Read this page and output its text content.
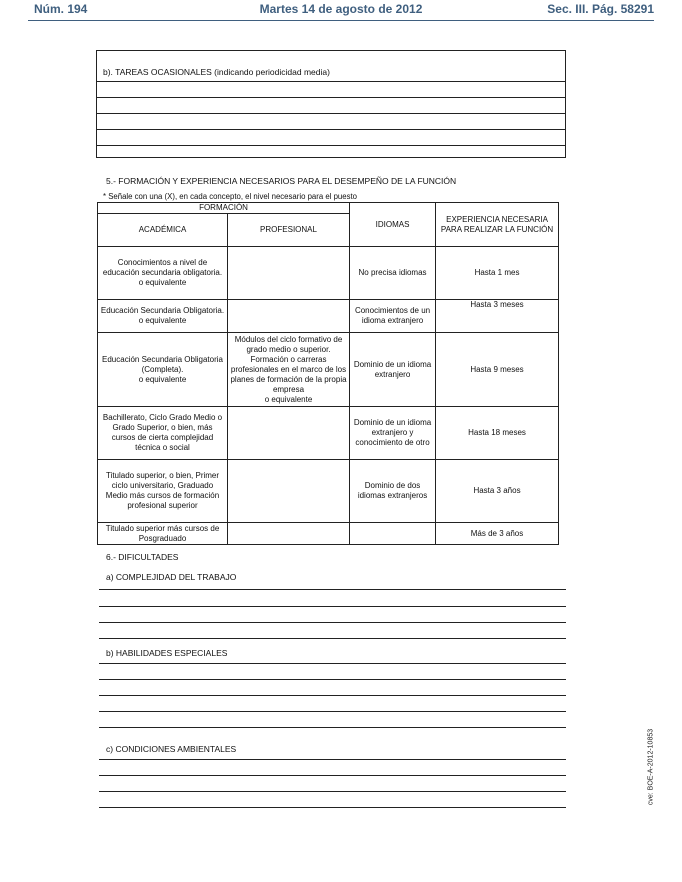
Núm. 194	Martes 14 de agosto de 2012	Sec. III. Pág. 58291
b). TAREAS OCASIONALES (indicando periodicidad media)
5.- FORMACIÓN Y EXPERIENCIA NECESARIOS PARA EL DESEMPEÑO DE LA FUNCIÓN
* Señale con una (X), en cada concepto, el nivel necesario para el puesto
FORMACIÓN		IDIOMAS	EXPERIENCIA NECESARIA PARA REALIZAR LA FUNCIÓN
ACADÉMICA	PROFESIONAL		
Conocimientos a nivel de educación secundaria obligatoria.
o equivalente		No precisa idiomas	Hasta 1 mes
Educación Secundaria Obligatoria.
o equivalente		Conocimientos de un idioma extranjero	Hasta 3 meses
Educación Secundaria Obligatoria (Completa).
o equivalente	Módulos del ciclo formativo de grado medio o superior. Formación o carreras profesionales en el marco de los planes de formación de la propia empresa
o equivalente	Dominio de un idioma extranjero	Hasta 9 meses
Bachillerato, Ciclo Grado Medio o Grado Superior, o bien, más cursos de cierta complejidad técnica o social		Dominio de un idioma extranjero y conocimiento de otro	Hasta 18 meses
Titulado superior, o bien, Primer ciclo universitario, Graduado Medio más cursos de formación profesional superior		Dominio de dos idiomas extranjeros	Hasta 3 años
Titulado superior más cursos de Posgraduado			Más de 3 años
6.- DIFICULTADES
a) COMPLEJIDAD DEL TRABAJO
b) HABILIDADES ESPECIALES
c) CONDICIONES AMBIENTALES	cve: BOE-A-2012-10853
